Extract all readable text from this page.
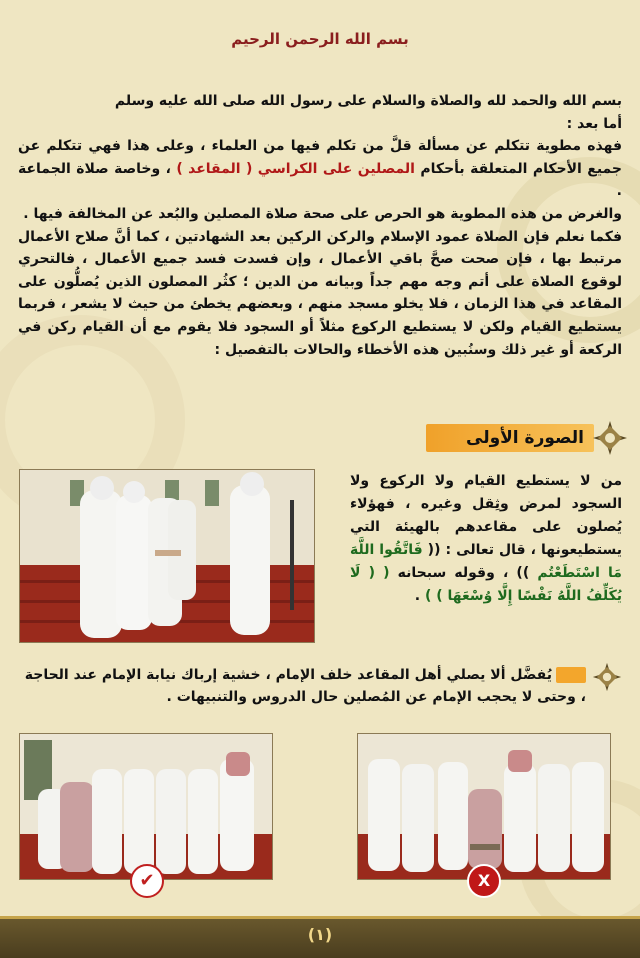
بسم الله الرحمن الرحيم

بسم الله والحمد لله والصلاة والسلام على رسول الله صلى الله عليه وسلم

أما بعد :

فهذه مطوية تتكلم عن مسألة قلَّ من تكلم فيها من العلماء ، وعلى هذا فهي تتكلم عن جميع الأحكام المتعلقة بأحكام المصلين على الكراسي ( المقاعد ) ، وخاصة صلاة الجماعة .

والغرض من هذه المطوية هو الحرص على صحة صلاة المصلين والبُعد عن المخالفة فيها .

فكما نعلم فإن الصلاة عمود الإسلام والركن الركين بعد الشهادتين ، كما أنَّ صلاح الأعمال مرتبط بها ، فإن صحت صحَّ باقي الأعمال ، وإن فسدت فسد جميع الأعمال ، فالتحري لوقوع الصلاة على أتم وجه مهم جداً وبيانه من الدين ؛ كثُر المصلون الذين يُصلُّون على المقاعد في هذا الزمان ، فلا يخلو مسجد منهم ، وبعضهم يخطئ من حيث لا يشعر ، فربما يستطيع القيام ولكن لا يستطيع الركوع مثلاً أو السجود فلا يقوم مع أن القيام ركن في الركعة أو غير ذلك وسنُبين هذه الأخطاء والحالات بالتفصيل :

الصورة الأولى

من لا يستطيع القيام ولا الركوع ولا السجود لمرض وثِقل وغيره ، فهؤلاء يُصلون على مقاعدهم بالهيئة التي يستطيعونها ، قال تعالى : (( فَاتَّقُوا اللَّهَ مَا اسْتَطَعْتُم )) ، وقوله سبحانه ( ( لَا يُكَلِّفُ اللَّهُ نَفْسًا إِلَّا وُسْعَهَا ) ) .

يُفضَّل ألا يصلي أهل المقاعد خلف الإمام ، خشية إرباك نيابة الإمام عند الحاجة ، وحتى لا يحجب الإمام عن المُصلين حال الدروس والتنبيهات .

✔	X
(١)
